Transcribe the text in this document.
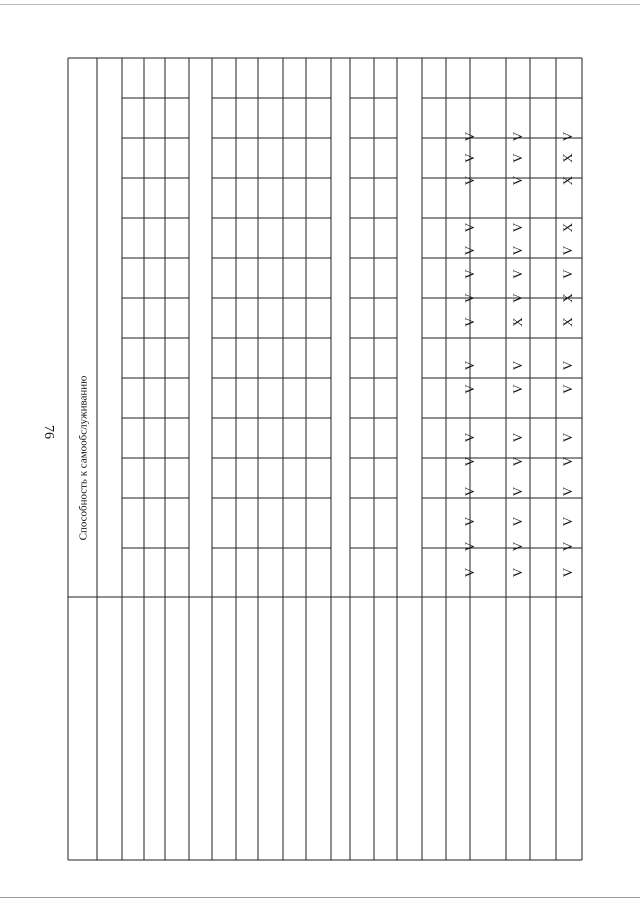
76 Способность к самообслуживанию
V
V
V
X
V
V
X
V
V
X
V
V
V
V
V
V
V
V
X
V
V
X
X
V
V
V
V
V
V
V
V
V
V
V
V
V
V
V
V
V
V
V
V
V
V
V
V
V
